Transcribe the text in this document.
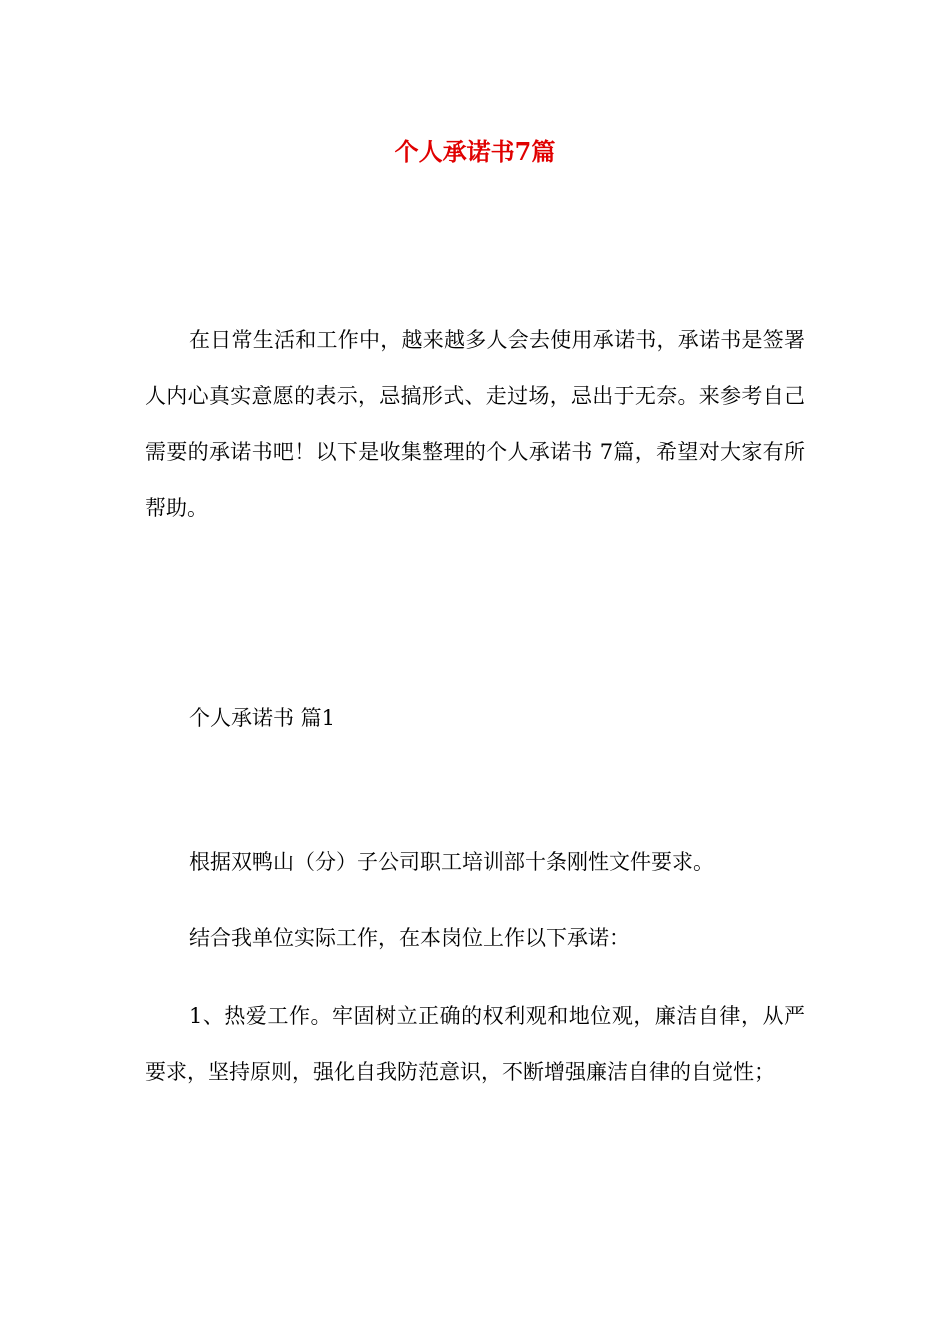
个人承诺书7篇

在日常生活和工作中，越来越多人会去使用承诺书，承诺书是签署人内心真实意愿的表示，忌搞形式、走过场，忌出于无奈。来参考自己需要的承诺书吧！以下是收集整理的个人承诺书 7篇，希望对大家有所帮助。

个人承诺书 篇1

根据双鸭山（分）子公司职工培训部十条刚性文件要求。

结合我单位实际工作，在本岗位上作以下承诺：

1、热爱工作。牢固树立正确的权利观和地位观，廉洁自律，从严要求，坚持原则，强化自我防范意识，不断增强廉洁自律的自觉性；
